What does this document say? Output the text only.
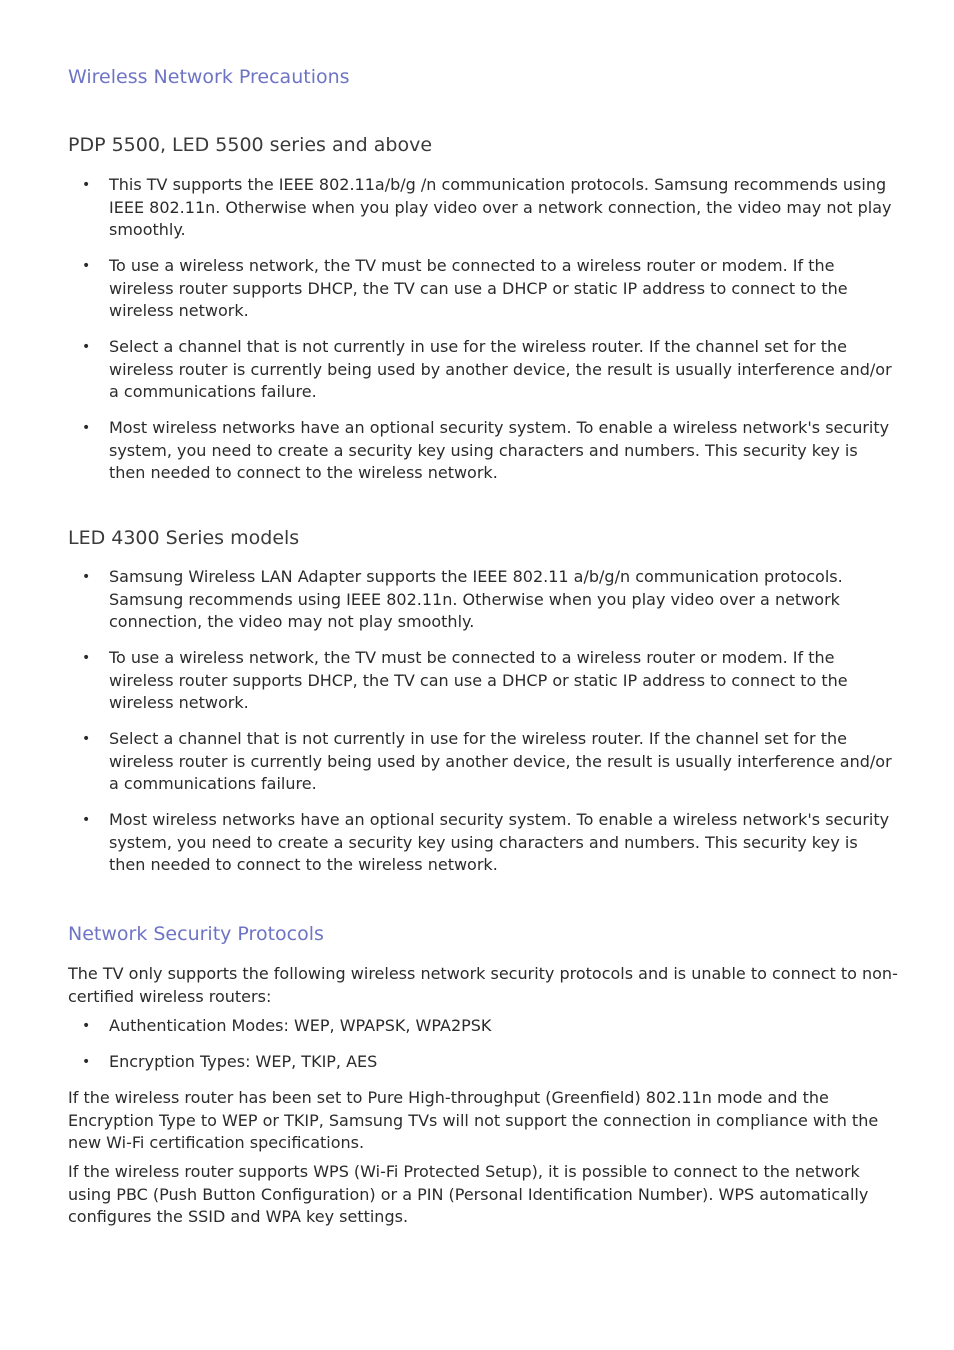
Wireless Network Precautions
PDP 5500, LED 5500 series and above
• This TV supports the IEEE 802.11a/b/g /n communication protocols. Samsung recommends using IEEE 802.11n. Otherwise when you play video over a network connection, the video may not play smoothly.
• To use a wireless network, the TV must be connected to a wireless router or modem. If the wireless router supports DHCP, the TV can use a DHCP or static IP address to connect to the wireless network.
• Select a channel that is not currently in use for the wireless router. If the channel set for the wireless router is currently being used by another device, the result is usually interference and/or a communications failure.
• Most wireless networks have an optional security system. To enable a wireless network's security system, you need to create a security key using characters and numbers. This security key is then needed to connect to the wireless network.
LED 4300 Series models
• Samsung Wireless LAN Adapter supports the IEEE 802.11 a/b/g/n communication protocols. Samsung recommends using IEEE 802.11n. Otherwise when you play video over a network connection, the video may not play smoothly.
• To use a wireless network, the TV must be connected to a wireless router or modem. If the wireless router supports DHCP, the TV can use a DHCP or static IP address to connect to the wireless network.
• Select a channel that is not currently in use for the wireless router. If the channel set for the wireless router is currently being used by another device, the result is usually interference and/or a communications failure.
• Most wireless networks have an optional security system. To enable a wireless network's security system, you need to create a security key using characters and numbers. This security key is then needed to connect to the wireless network.
Network Security Protocols

The TV only supports the following wireless network security protocols and is unable to connect to non-certified wireless routers:

• Authentication Modes: WEP, WPAPSK, WPA2PSK
• Encryption Types: WEP, TKIP, AES

If the wireless router has been set to Pure High-throughput (Greenfield) 802.11n mode and the Encryption Type to WEP or TKIP, Samsung TVs will not support the connection in compliance with the new Wi-Fi certification specifications.

If the wireless router supports WPS (Wi-Fi Protected Setup), it is possible to connect to the network using PBC (Push Button Configuration) or a PIN (Personal Identification Number). WPS automatically configures the SSID and WPA key settings.
